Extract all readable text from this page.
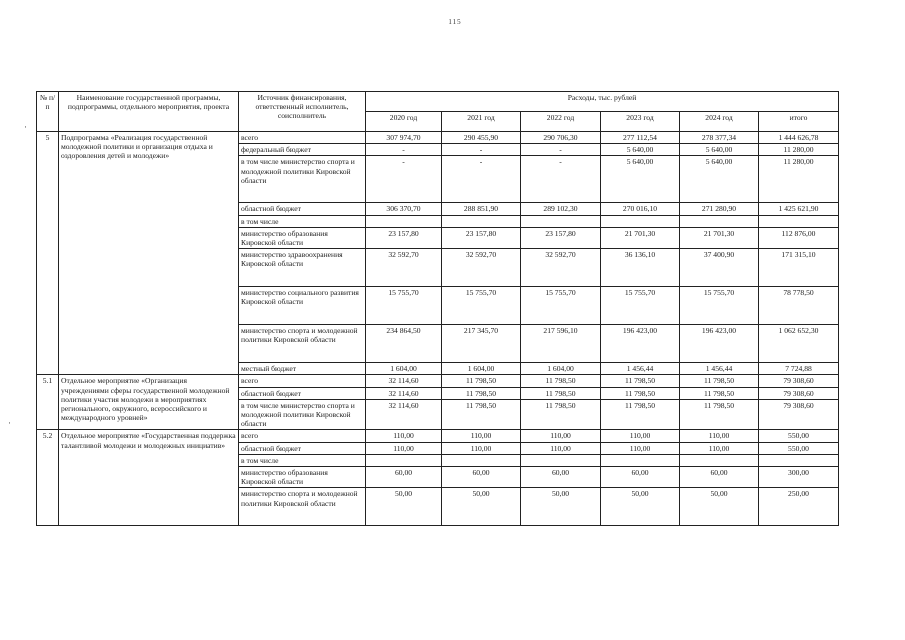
115
·
·
№ п/п	Наименование государственной программы, подпрограммы, отдельного мероприятия, проекта	Источник финансирования, ответственный исполнитель, соисполнитель	Расходы, тыс. рублей					
			2020 год	2021 год	2022 год	2023 год	2024 год	итого
5	Подпрограмма «Реализация государственной молодежной политики и организация отдыха и оздоровления детей и молодежи»	всего	307 974,70	290 455,90	290 706,30	277 112,54	278 377,34	1 444 626,78
		федеральный бюджет	-	-	-	5 640,00	5 640,00	11 280,00
		в том числе министерство спорта и молодежной политики Кировской области	-	-	-	5 640,00	5 640,00	11 280,00
		областной бюджет	306 370,70	288 851,90	289 102,30	270 016,10	271 280,90	1 425 621,90
		в том числе						
		министерство образования Кировской области	23 157,80	23 157,80	23 157,80	21 701,30	21 701,30	112 876,00
		министерство здравоохранения Кировской области	32 592,70	32 592,70	32 592,70	36 136,10	37 400,90	171 315,10
		министерство социального развития Кировской области	15 755,70	15 755,70	15 755,70	15 755,70	15 755,70	78 778,50
		министерство спорта и молодежной политики Кировской области	234 864,50	217 345,70	217 596,10	196 423,00	196 423,00	1 062 652,30
		местный бюджет	1 604,00	1 604,00	1 604,00	1 456,44	1 456,44	7 724,88
5.1	Отдельное мероприятие «Организация учреждениями сферы государственной молодежной политики участия молодежи в мероприятиях регионального, окружного, всероссийского и международного уровней»	всего	32 114,60	11 798,50	11 798,50	11 798,50	11 798,50	79 308,60
		областной бюджет	32 114,60	11 798,50	11 798,50	11 798,50	11 798,50	79 308,60
		в том числе министерство спорта и молодежной политики Кировской области	32 114,60	11 798,50	11 798,50	11 798,50	11 798,50	79 308,60
5.2	Отдельное мероприятие «Государственная поддержка талантливой молодежи и молодежных инициатив»	всего	110,00	110,00	110,00	110,00	110,00	550,00
		областной бюджет	110,00	110,00	110,00	110,00	110,00	550,00
		в том числе						
		министерство образования Кировской области	60,00	60,00	60,00	60,00	60,00	300,00
		министерство спорта и молодежной политики Кировской области	50,00	50,00	50,00	50,00	50,00	250,00
